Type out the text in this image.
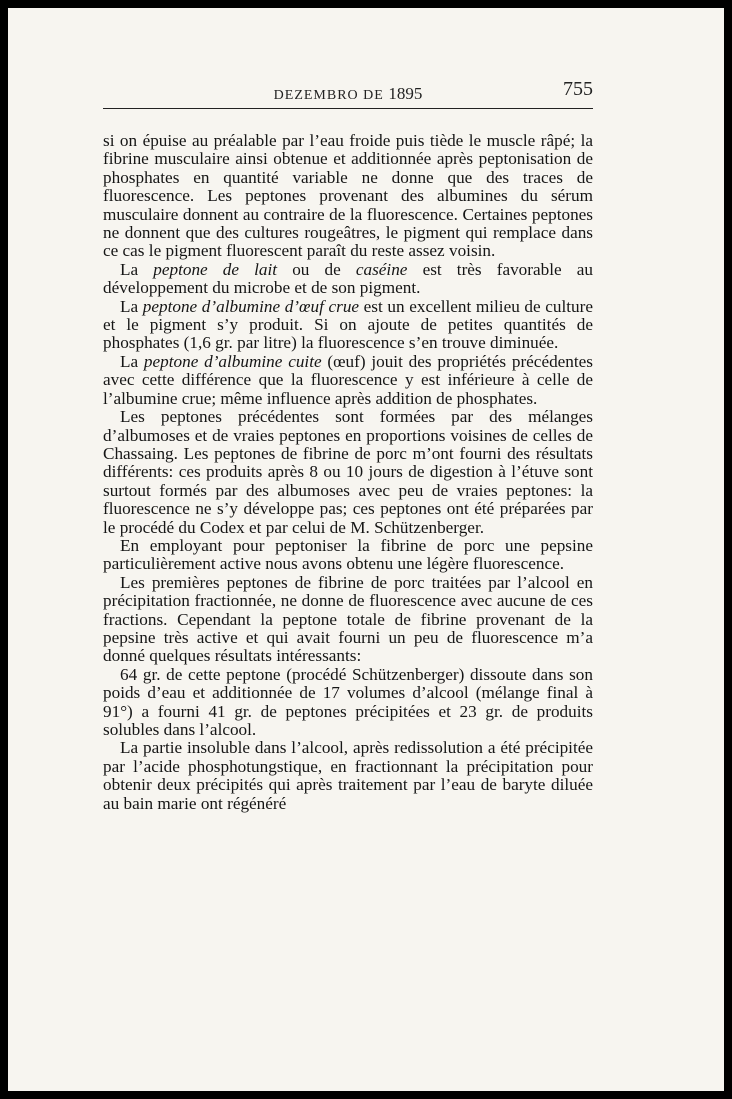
DEZEMBRO DE 1895	755

si on épuise au préalable par l’eau froide puis tiède le muscle râpé; la fibrine musculaire ainsi obtenue et additionnée après peptonisation de phosphates en quantité variable ne donne que des traces de fluorescence. Les peptones provenant des albumines du sérum musculaire donnent au contraire de la fluorescence. Certaines peptones ne donnent que des cultures rougeâtres, le pigment qui remplace dans ce cas le pigment fluorescent paraît du reste assez voisin.

La peptone de lait ou de caséine est très favorable au développement du microbe et de son pigment.

La peptone d’albumine d’œuf crue est un excellent milieu de culture et le pigment s’y produit. Si on ajoute de petites quantités de phosphates (1,6 gr. par litre) la fluorescence s’en trouve diminuée.

La peptone d’albumine cuite (œuf) jouit des propriétés précédentes avec cette différence que la fluorescence y est inférieure à celle de l’albumine crue; même influence après addition de phosphates.

Les peptones précédentes sont formées par des mélanges d’albumoses et de vraies peptones en proportions voisines de celles de Chassaing. Les peptones de fibrine de porc m’ont fourni des résultats différents: ces produits après 8 ou 10 jours de digestion à l’étuve sont surtout formés par des albumoses avec peu de vraies peptones: la fluorescence ne s’y développe pas; ces peptones ont été préparées par le procédé du Codex et par celui de M. Schützenberger.

En employant pour peptoniser la fibrine de porc une pepsine particulièrement active nous avons obtenu une légère fluorescence.

Les premières peptones de fibrine de porc traitées par l’alcool en précipitation fractionnée, ne donne de fluorescence avec aucune de ces fractions. Cependant la peptone totale de fibrine provenant de la pepsine très active et qui avait fourni un peu de fluorescence m’a donné quelques résultats intéressants:

64 gr. de cette peptone (procédé Schützenberger) dissoute dans son poids d’eau et additionnée de 17 volumes d’alcool (mélange final à 91°) a fourni 41 gr. de peptones précipitées et 23 gr. de produits solubles dans l’alcool.

La partie insoluble dans l’alcool, après redissolution a été précipitée par l’acide phosphotungstique, en fractionnant la précipitation pour obtenir deux précipités qui après traitement par l’eau de baryte diluée au bain marie ont régénéré
